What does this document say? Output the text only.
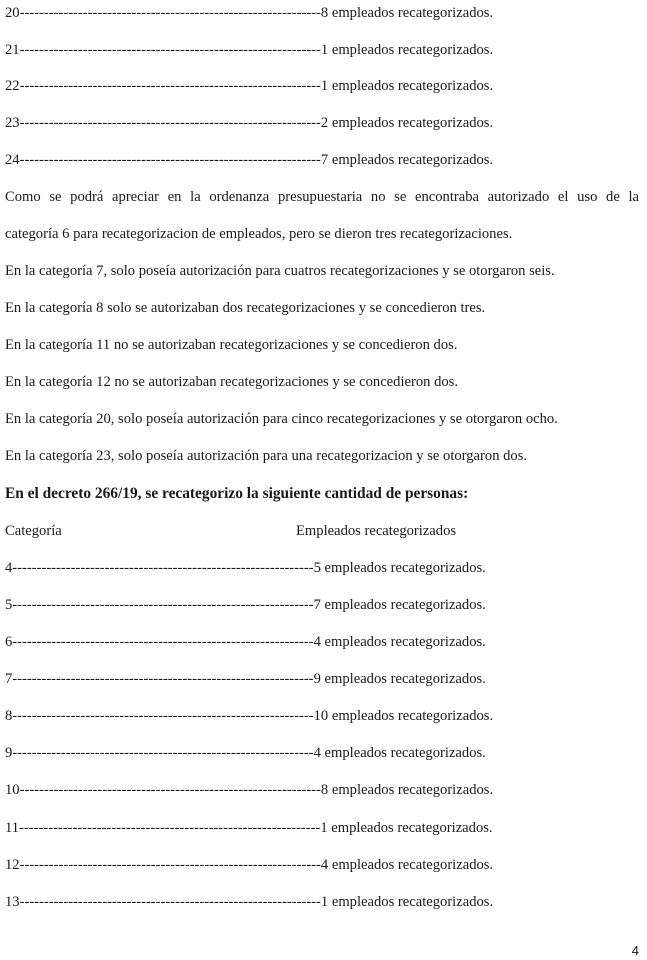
20--------------------------------------------------------------8 empleados recategorizados.
21--------------------------------------------------------------1 empleados recategorizados.
22--------------------------------------------------------------1 empleados recategorizados.
23--------------------------------------------------------------2 empleados recategorizados.
24--------------------------------------------------------------7 empleados recategorizados.
Como se podrá apreciar en la ordenanza presupuestaria no se encontraba autorizado el uso de la
categoría 6 para recategorizacion de empleados, pero se dieron tres recategorizaciones.
En la categoría 7, solo poseía autorización para cuatros recategorizaciones y se otorgaron seis.
En la categoría 8 solo se autorizaban dos recategorizaciones y se concedieron tres.
En la categoría 11 no se autorizaban recategorizaciones y se concedieron dos.
En la categoría 12 no se autorizaban recategorizaciones y se concedieron dos.
En la categoría 20, solo poseía autorización para cinco recategorizaciones y se otorgaron ocho.
En la categoría 23, solo poseía autorización para una recategorizacion y se otorgaron dos.
En el decreto 266/19, se recategorizo la siguiente cantidad de personas:
Categoría	Empleados recategorizados
4--------------------------------------------------------------5 empleados recategorizados.
5--------------------------------------------------------------7 empleados recategorizados.
6--------------------------------------------------------------4 empleados recategorizados.
7--------------------------------------------------------------9 empleados recategorizados.
8--------------------------------------------------------------10 empleados recategorizados.
9--------------------------------------------------------------4 empleados recategorizados.
10--------------------------------------------------------------8 empleados recategorizados.
11--------------------------------------------------------------1 empleados recategorizados.
12--------------------------------------------------------------4 empleados recategorizados.
13--------------------------------------------------------------1 empleados recategorizados.
4
